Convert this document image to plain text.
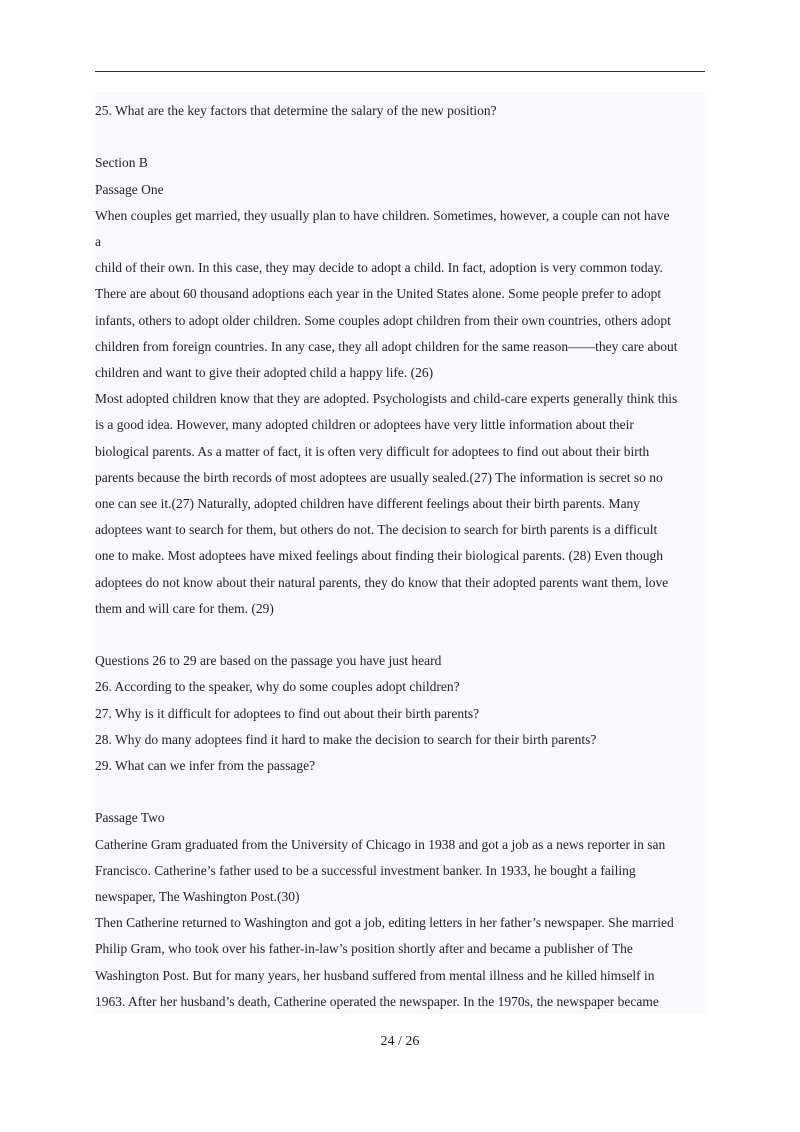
25. What are the key factors that determine the salary of the new position?
Section B
Passage One
When couples get married, they usually plan to have children. Sometimes, however, a couple can not have
a
child of their own. In this case, they may decide to adopt a child. In fact, adoption is very common today.
There are about 60 thousand adoptions each year in the United States alone. Some people prefer to adopt
infants, others to adopt older children. Some couples adopt children from their own countries, others adopt
children from foreign countries. In any case, they all adopt children for the same reason——they care about
children and want to give their adopted child a happy life. (26)
Most adopted children know that they are adopted. Psychologists and child-care experts generally think this
is a good idea. However, many adopted children or adoptees have very little information about their
biological parents. As a matter of fact, it is often very difficult for adoptees to find out about their birth
parents because the birth records of most adoptees are usually sealed.(27) The information is secret so no
one can see it.(27) Naturally, adopted children have different feelings about their birth parents. Many
adoptees want to search for them, but others do not. The decision to search for birth parents is a difficult
one to make. Most adoptees have mixed feelings about finding their biological parents. (28) Even though
adoptees do not know about their natural parents, they do know that their adopted parents want them, love
them and will care for them. (29)
Questions 26 to 29 are based on the passage you have just heard
26. According to the speaker, why do some couples adopt children?
27. Why is it difficult for adoptees to find out about their birth parents?
28. Why do many adoptees find it hard to make the decision to search for their birth parents?
29. What can we infer from the passage?
Passage Two
Catherine Gram graduated from the University of Chicago in 1938 and got a job as a news reporter in san
Francisco. Catherine’s father used to be a successful investment banker. In 1933, he bought a failing
newspaper, The Washington Post.(30)
Then Catherine returned to Washington and got a job, editing letters in her father’s newspaper. She married
Philip Gram, who took over his father-in-law’s position shortly after and became a publisher of The
Washington Post. But for many years, her husband suffered from mental illness and he killed himself in
1963. After her husband’s death, Catherine operated the newspaper. In the 1970s, the newspaper became
24 / 26
